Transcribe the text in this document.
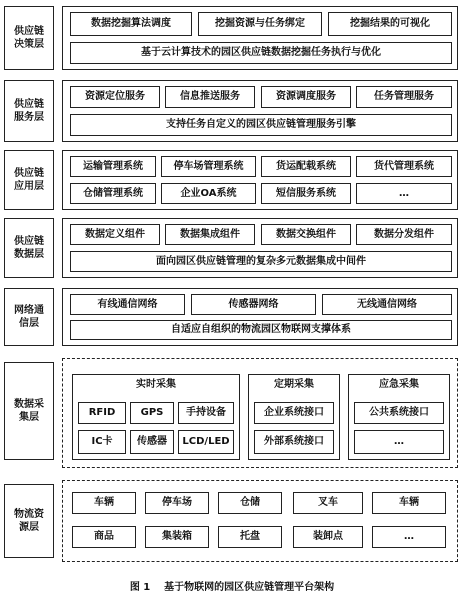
供应链
决策层
数据挖掘算法调度	挖掘资源与任务绑定	挖掘结果的可视化
基于云计算技术的园区供应链数据挖掘任务执行与优化
供应链
服务层
资源定位服务	信息推送服务	资源调度服务	任务管理服务
支持任务自定义的园区供应链管理服务引擎
供应链
应用层
运输管理系统	停车场管理系统	货运配载系统	货代管理系统
仓储管理系统	企业OA系统	短信服务系统	…
供应链
数据层
数据定义组件	数据集成组件	数据交换组件	数据分发组件
面向园区供应链管理的复杂多元数据集成中间件
网络通
信层
有线通信网络	传感器网络	无线通信网络
自适应自组织的物流园区物联网支撑体系
数据采
集层
实时采集
RFID	GPS	手持设备
IC卡	传感器	LCD/LED
定期采集
企业系统接口
外部系统接口
应急采集
公共系统接口
…
物流资
源层
车辆	停车场	仓储	叉车	车辆
商品	集装箱	托盘	装卸点	…
图 1    基于物联网的园区供应链管理平台架构
